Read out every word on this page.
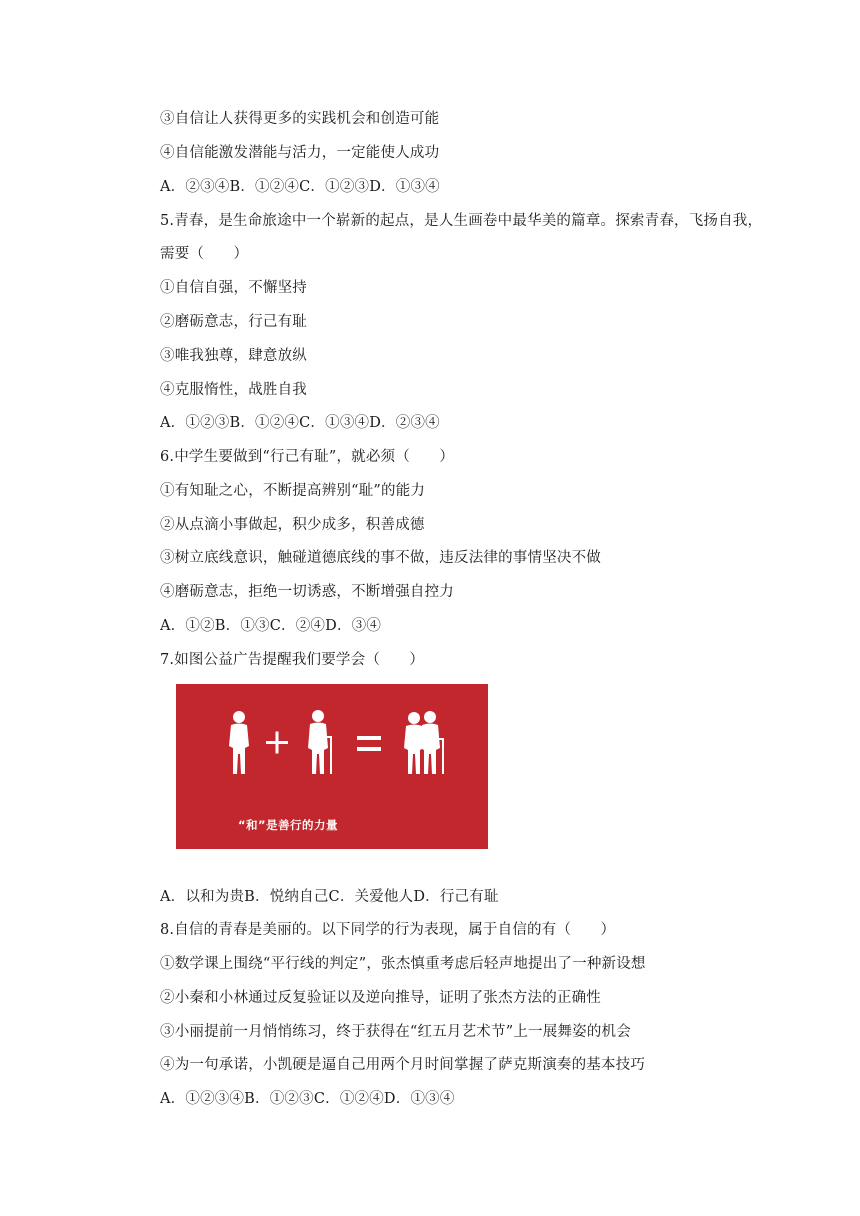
③自信让人获得更多的实践机会和创造可能
④自信能激发潜能与活力，一定能使人成功
A．②③④B．①②④C．①②③D．①③④
5.青春，是生命旅途中一个崭新的起点，是人生画卷中最华美的篇章。探索青春，飞扬自我，
需要（　　）
①自信自强，不懈坚持
②磨砺意志，行己有耻
③唯我独尊，肆意放纵
④克服惰性，战胜自我
A．①②③B．①②④C．①③④D．②③④
6.中学生要做到“行己有耻”，就必须（　　）
①有知耻之心，不断提高辨别“耻”的能力
②从点滴小事做起，积少成多，积善成德
③树立底线意识，触碰道德底线的事不做，违反法律的事情坚决不做
④磨砺意志，拒绝一切诱惑，不断增强自控力
A．①②B．①③C．②④D．③④
7.如图公益广告提醒我们要学会（　　）
“和”是善行的力量
A．以和为贵B．悦纳自己C．关爱他人D．行己有耻
8.自信的青春是美丽的。以下同学的行为表现，属于自信的有（　　）
①数学课上围绕“平行线的判定”，张杰慎重考虑后轻声地提出了一种新设想
②小秦和小林通过反复验证以及逆向推导，证明了张杰方法的正确性
③小丽提前一月悄悄练习，终于获得在“红五月艺术节”上一展舞姿的机会
④为一句承诺，小凯硬是逼自己用两个月时间掌握了萨克斯演奏的基本技巧
A．①②③④B．①②③C．①②④D．①③④
